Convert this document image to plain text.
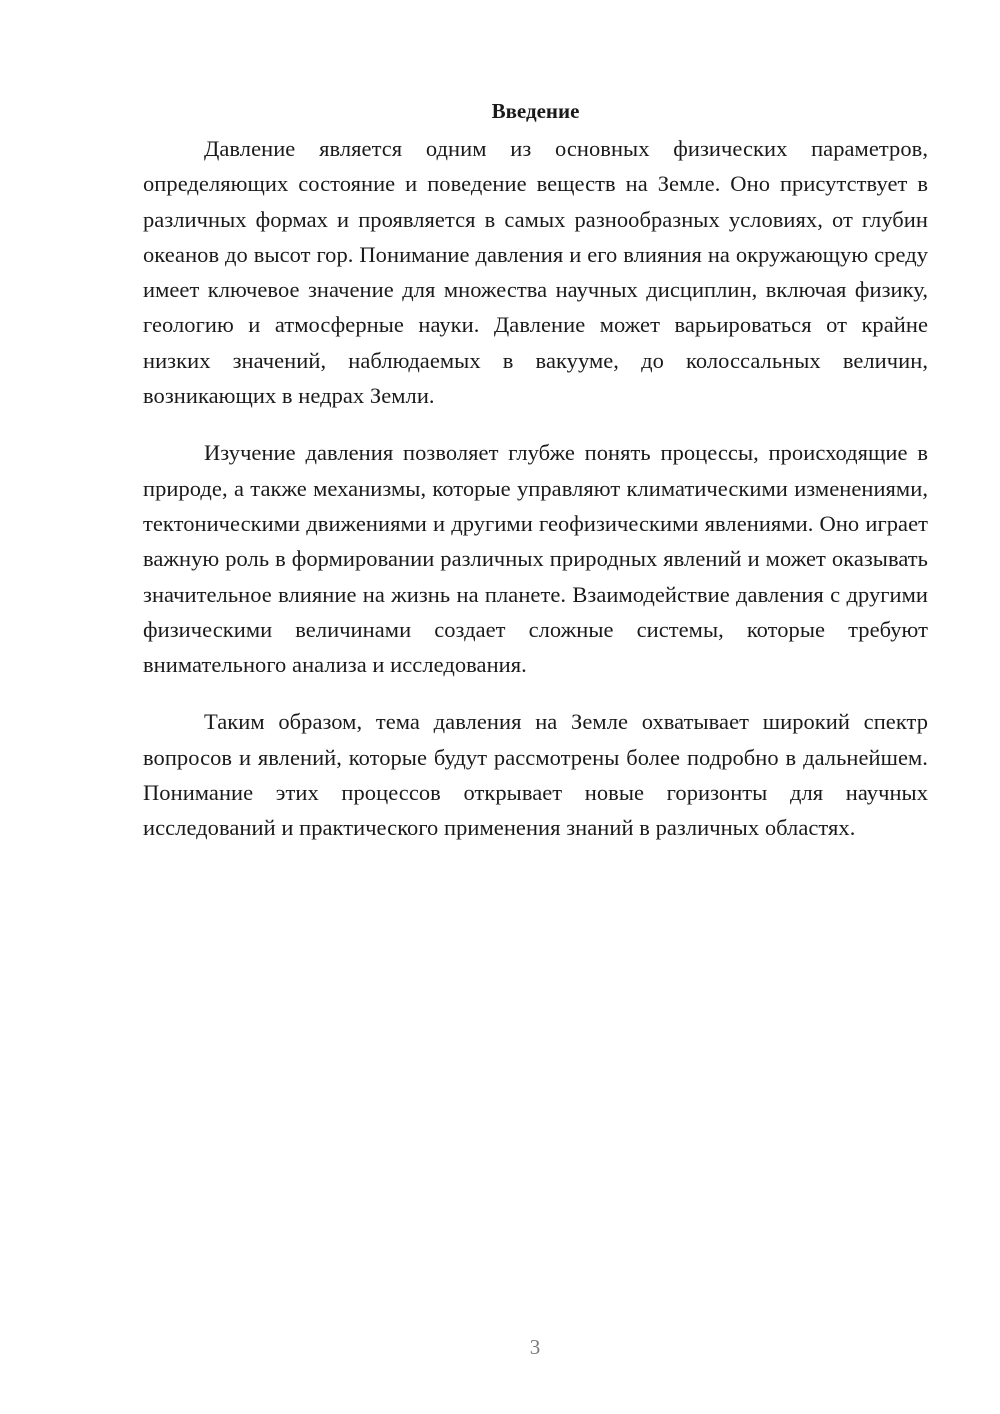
Введение

Давление является одним из основных физических параметров, определяющих состояние и поведение веществ на Земле. Оно присутствует в различных формах и проявляется в самых разнообразных условиях, от глубин океанов до высот гор. Понимание давления и его влияния на окружающую среду имеет ключевое значение для множества научных дисциплин, включая физику, геологию и атмосферные науки. Давление может варьироваться от крайне низких значений, наблюдаемых в вакууме, до колоссальных величин, возникающих в недрах Земли.

Изучение давления позволяет глубже понять процессы, происходящие в природе, а также механизмы, которые управляют климатическими изменениями, тектоническими движениями и другими геофизическими явлениями. Оно играет важную роль в формировании различных природных явлений и может оказывать значительное влияние на жизнь на планете. Взаимодействие давления с другими физическими величинами создает сложные системы, которые требуют внимательного анализа и исследования.

Таким образом, тема давления на Земле охватывает широкий спектр вопросов и явлений, которые будут рассмотрены более подробно в дальнейшем. Понимание этих процессов открывает новые горизонты для научных исследований и практического применения знаний в различных областях.

3
